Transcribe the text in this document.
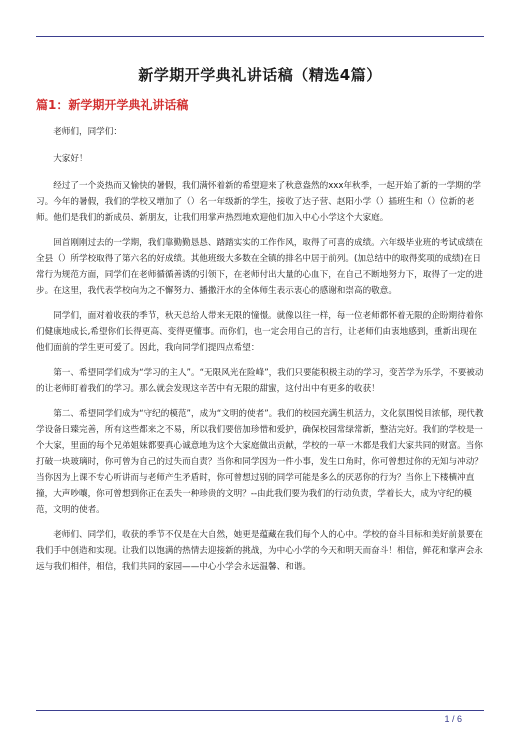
新学期开学典礼讲话稿（精选4篇）
篇1：新学期开学典礼讲话稿

老师们，同学们：

大家好！

经过了一个炎热而又愉快的暑假，我们满怀着新的希望迎来了秋意盎然的xxx年秋季，一起开始了新的一学期的学习。今年的暑假，我们的学校又增加了（）名一年级新的学生，接收了达子营、赵阳小学（）插班生和（）位新的老师。他们是我们的新成员、新朋友，让我们用掌声热烈地欢迎他们加入中心小学这个大家庭。

回首刚刚过去的一学期，我们靠勤勤恳恳、踏踏实实的工作作风，取得了可喜的成绩。六年级毕业班的考试成绩在全县（）所学校取得了第六名的好成绩。其他班级大多数在全镇的排名中居于前列。(加总结中的取得奖项的成绩)在日常行为规范方面，同学们在老师循循善诱的引领下，在老师付出大量的心血下，在自己不断地努力下，取得了一定的进步。在这里，我代表学校向为之不懈努力、播撒汗水的全体师生表示衷心的感谢和崇高的敬意。

同学们，面对着收获的季节，秋天总给人带来无限的憧憬。就像以往一样，每一位老师都怀着无限的企盼期待着你们健康地成长,希望你们长得更高、变得更懂事。而你们，也一定会用自己的言行，让老师们由衷地感到，重新出现在他们面前的学生更可爱了。因此，我向同学们提四点希望：

第一、希望同学们成为“学习的主人”。“无限风光在险峰”，我们只要能积极主动的学习，变苦学为乐学，不要被动的让老师盯着我们的学习。那么就会发现这辛苦中有无限的甜蜜，这付出中有更多的收获！

第二、希望同学们成为“守纪的模范”，成为“文明的使者”。我们的校园充满生机活力，文化氛围悦目浓郁，现代教学设备日臻完善，所有这些都来之不易，所以我们要倍加珍惜和爱护，确保校园常绿常新，整洁完好。我们的学校是一个大家，里面的每个兄弟姐妹都要真心诚意地为这个大家庭做出贡献，学校的一草一木都是我们大家共同的财富。当你打破一块玻璃时，你可曾为自己的过失而自责？当你和同学因为一件小事，发生口角时，你可曾想过你的无知与冲动？当你因为上课不专心听讲而与老师产生矛盾时，你可曾想过别的同学可能是多么的厌恶你的行为？当你上下楼横冲直撞，大声吵嚷，你可曾想到你正在丢失一种珍贵的文明？--由此我们要为我们的行动负责，学着长大，成为守纪的模范，文明的使者。

老师们、同学们，收获的季节不仅是在大自然，她更是蕴藏在我们每个人的心中。学校的奋斗目标和美好前景要在我们手中创造和实现。让我们以饱满的热情去迎接新的挑战，为中心小学的今天和明天而奋斗！相信，鲜花和掌声会永远与我们相伴，相信，我们共同的家园——中心小学会永远温馨、和谐。

1 / 6
